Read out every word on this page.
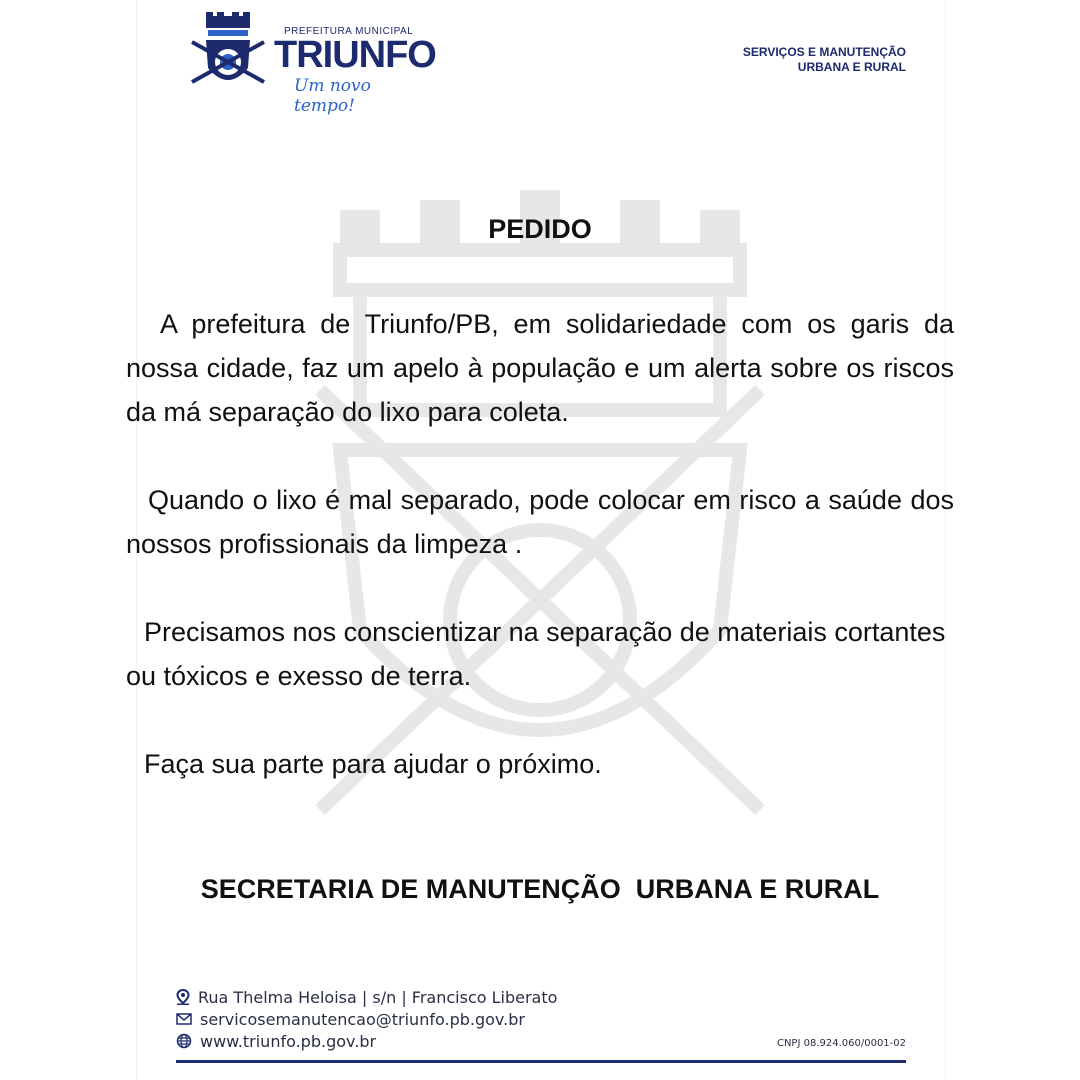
PREFEITURA MUNICIPAL
TRIUNFO
Um novo tempo!
SERVIÇOS E MANUTENÇÃO
URBANA E RURAL
PEDIDO

A prefeitura de Triunfo/PB, em solidariedade com os garis da nossa cidade, faz um apelo à população e um alerta sobre os riscos da má separação do lixo para coleta.

Quando o lixo é mal separado, pode colocar em risco a saúde dos nossos profissionais da limpeza .

Precisamos nos conscientizar na separação de materiais cortantes ou tóxicos e exesso de terra.

Faça sua parte para ajudar o próximo.

SECRETARIA DE MANUTENÇÃO  URBANA E RURAL
Rua Thelma Heloisa | s/n | Francisco Liberato
servicosemanutencao@triunfo.pb.gov.br
www.triunfo.pb.gov.br	CNPJ 08.924.060/0001-02
